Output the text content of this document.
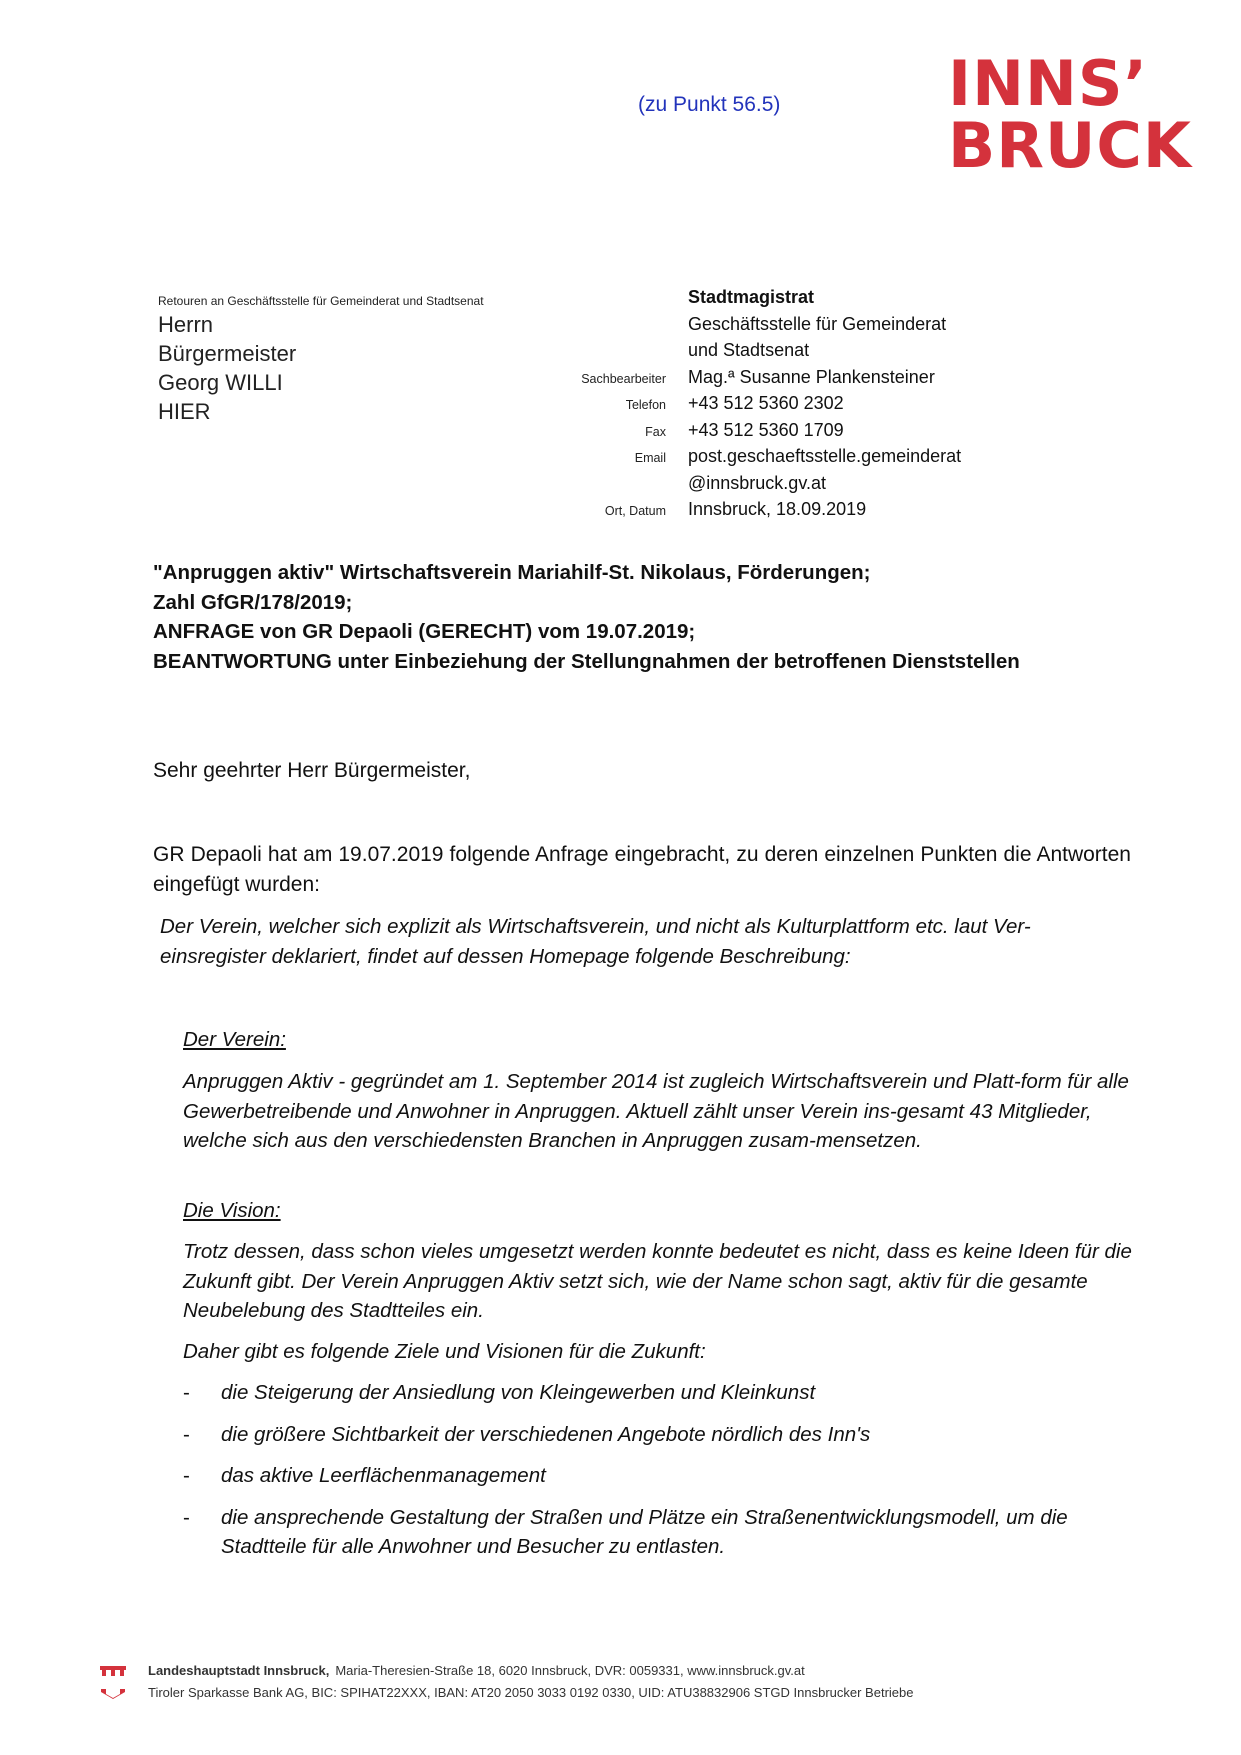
(zu Punkt 56.5)	INNS’
BRUCK
Retouren an Geschäftsstelle für Gemeinderat und Stadtsenat
Herrn
Bürgermeister
Georg WILLI
HIER
Stadtmagistrat
Geschäftsstelle für Gemeinderat
und Stadtsenat
Sachbearbeiter	Mag.ª Susanne Plankensteiner
Telefon	+43 512 5360 2302
Fax	+43 512 5360 1709
Email	post.geschaeftsstelle.gemeinderat
@innsbruck.gv.at
Ort, Datum	Innsbruck, 18.09.2019
"Anpruggen aktiv" Wirtschaftsverein Mariahilf-St. Nikolaus, Förderungen;
Zahl GfGR/178/2019;
ANFRAGE von GR Depaoli (GERECHT) vom 19.07.2019;
BEANTWORTUNG unter Einbeziehung der Stellungnahmen der betroffenen Dienststellen
Sehr geehrter Herr Bürgermeister,
GR Depaoli hat am 19.07.2019 folgende Anfrage eingebracht, zu deren einzelnen Punkten die Antworten eingefügt wurden:
Der Verein, welcher sich explizit als Wirtschaftsverein, und nicht als Kulturplattform etc. laut Ver-einsregister deklariert, findet auf dessen Homepage folgende Beschreibung:
Der Verein:
Anpruggen Aktiv - gegründet am 1. September 2014 ist zugleich Wirtschaftsverein und Platt-form für alle Gewerbetreibende und Anwohner in Anpruggen. Aktuell zählt unser Verein ins-gesamt 43 Mitglieder, welche sich aus den verschiedensten Branchen in Anpruggen zusam-mensetzen.
Die Vision:
Trotz dessen, dass schon vieles umgesetzt werden konnte bedeutet es nicht, dass es keine Ideen für die Zukunft gibt. Der Verein Anpruggen Aktiv setzt sich, wie der Name schon sagt, aktiv für die gesamte Neubelebung des Stadtteiles ein.
Daher gibt es folgende Ziele und Visionen für die Zukunft:
-	die Steigerung der Ansiedlung von Kleingewerben und Kleinkunst
-	die größere Sichtbarkeit der verschiedenen Angebote nördlich des Inn's
-	das aktive Leerflächenmanagement
-	die ansprechende Gestaltung der Straßen und Plätze ein Straßenentwicklungsmodell, um die Stadtteile für alle Anwohner und Besucher zu entlasten.
Landeshauptstadt Innsbruck, Maria-Theresien-Straße 18, 6020 Innsbruck, DVR: 0059331, www.innsbruck.gv.at
Tiroler Sparkasse Bank AG, BIC: SPIHAT22XXX, IBAN: AT20 2050 3033 0192 0330, UID: ATU38832906 STGD Innsbrucker Betriebe
